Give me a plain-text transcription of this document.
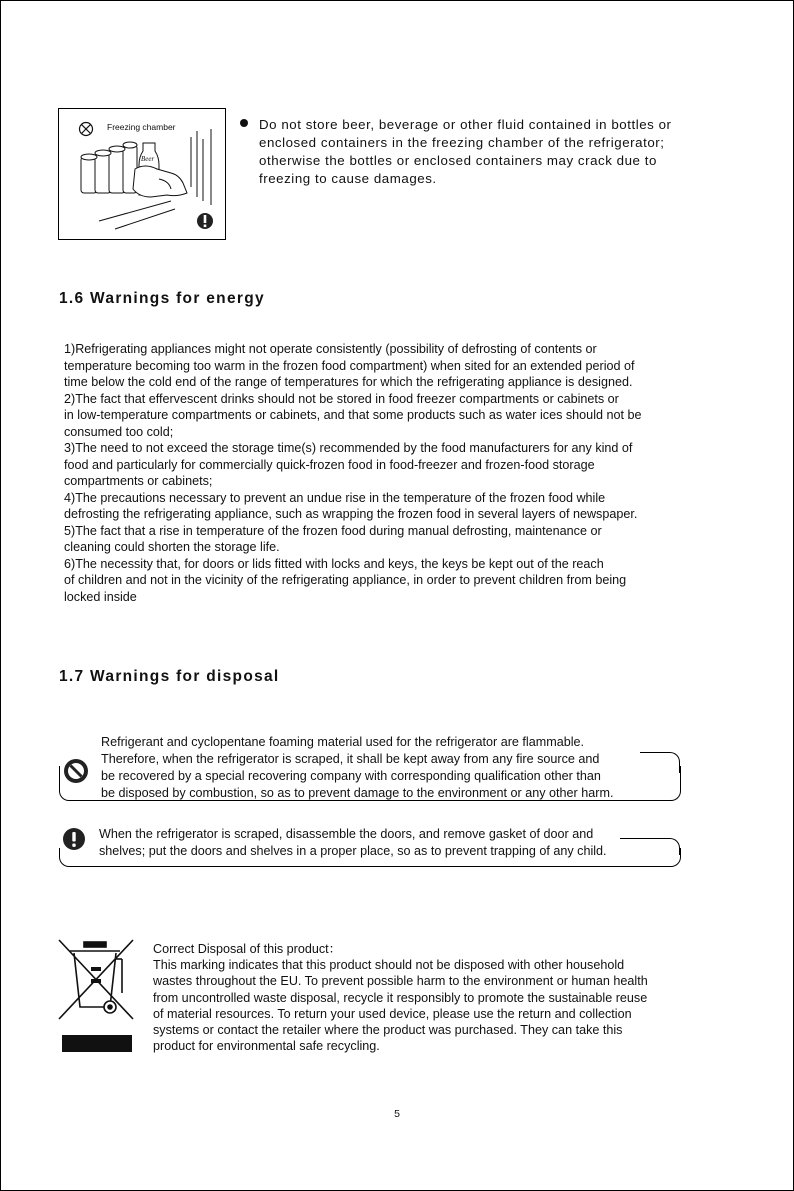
Freezing chamber
Beer
Do not store beer, beverage or other fluid contained in bottles or enclosed containers in the freezing chamber of the refrigerator; otherwise the bottles or enclosed containers may crack due to freezing to cause damages.
1.6 Warnings for energy
1)Refrigerating appliances might not operate consistently (possibility of defrosting of contents or
temperature becoming too warm in the frozen food compartment) when sited for an extended period of
time below the cold end of the range of temperatures for which the refrigerating appliance is designed.
2)The fact that effervescent drinks should not be stored in food freezer compartments or cabinets or
in low-temperature compartments or cabinets, and that some products such as water ices should not be
consumed too cold;
3)The need to not exceed the storage time(s) recommended by the food manufacturers for any kind of
food and particularly for commercially quick-frozen food in food-freezer and frozen-food storage
compartments or cabinets;
4)The precautions necessary to prevent an undue rise in the temperature of the frozen food while
defrosting the refrigerating appliance, such as wrapping the frozen food in several layers of newspaper.
5)The fact that a rise in temperature of the frozen food during manual defrosting, maintenance or
cleaning could shorten the storage life.
6)The necessity that, for doors or lids fitted with locks and keys, the keys be kept out of the reach
of children and not in the vicinity of the refrigerating appliance, in order to prevent children from being
locked inside
1.7 Warnings for disposal
Refrigerant and cyclopentane foaming material used for the refrigerator are flammable.
Therefore, when the refrigerator is scraped, it shall be kept away from any fire source and
be recovered by a special recovering company with corresponding qualification other than
be disposed by combustion, so as to prevent damage to the environment or any other harm.
When the refrigerator is scraped, disassemble the doors, and remove gasket of door and
shelves; put the doors and shelves in a proper place, so as to prevent trapping of any child.
Correct Disposal of this product：
This marking indicates that this product should not be disposed with other household
wastes throughout the EU. To prevent possible harm to the environment or human health
from uncontrolled waste disposal, recycle it responsibly to promote the sustainable reuse
of material resources. To return your used device, please use the return and collection
systems or contact the retailer where the product was purchased. They can take this
product for environmental safe recycling.
5
